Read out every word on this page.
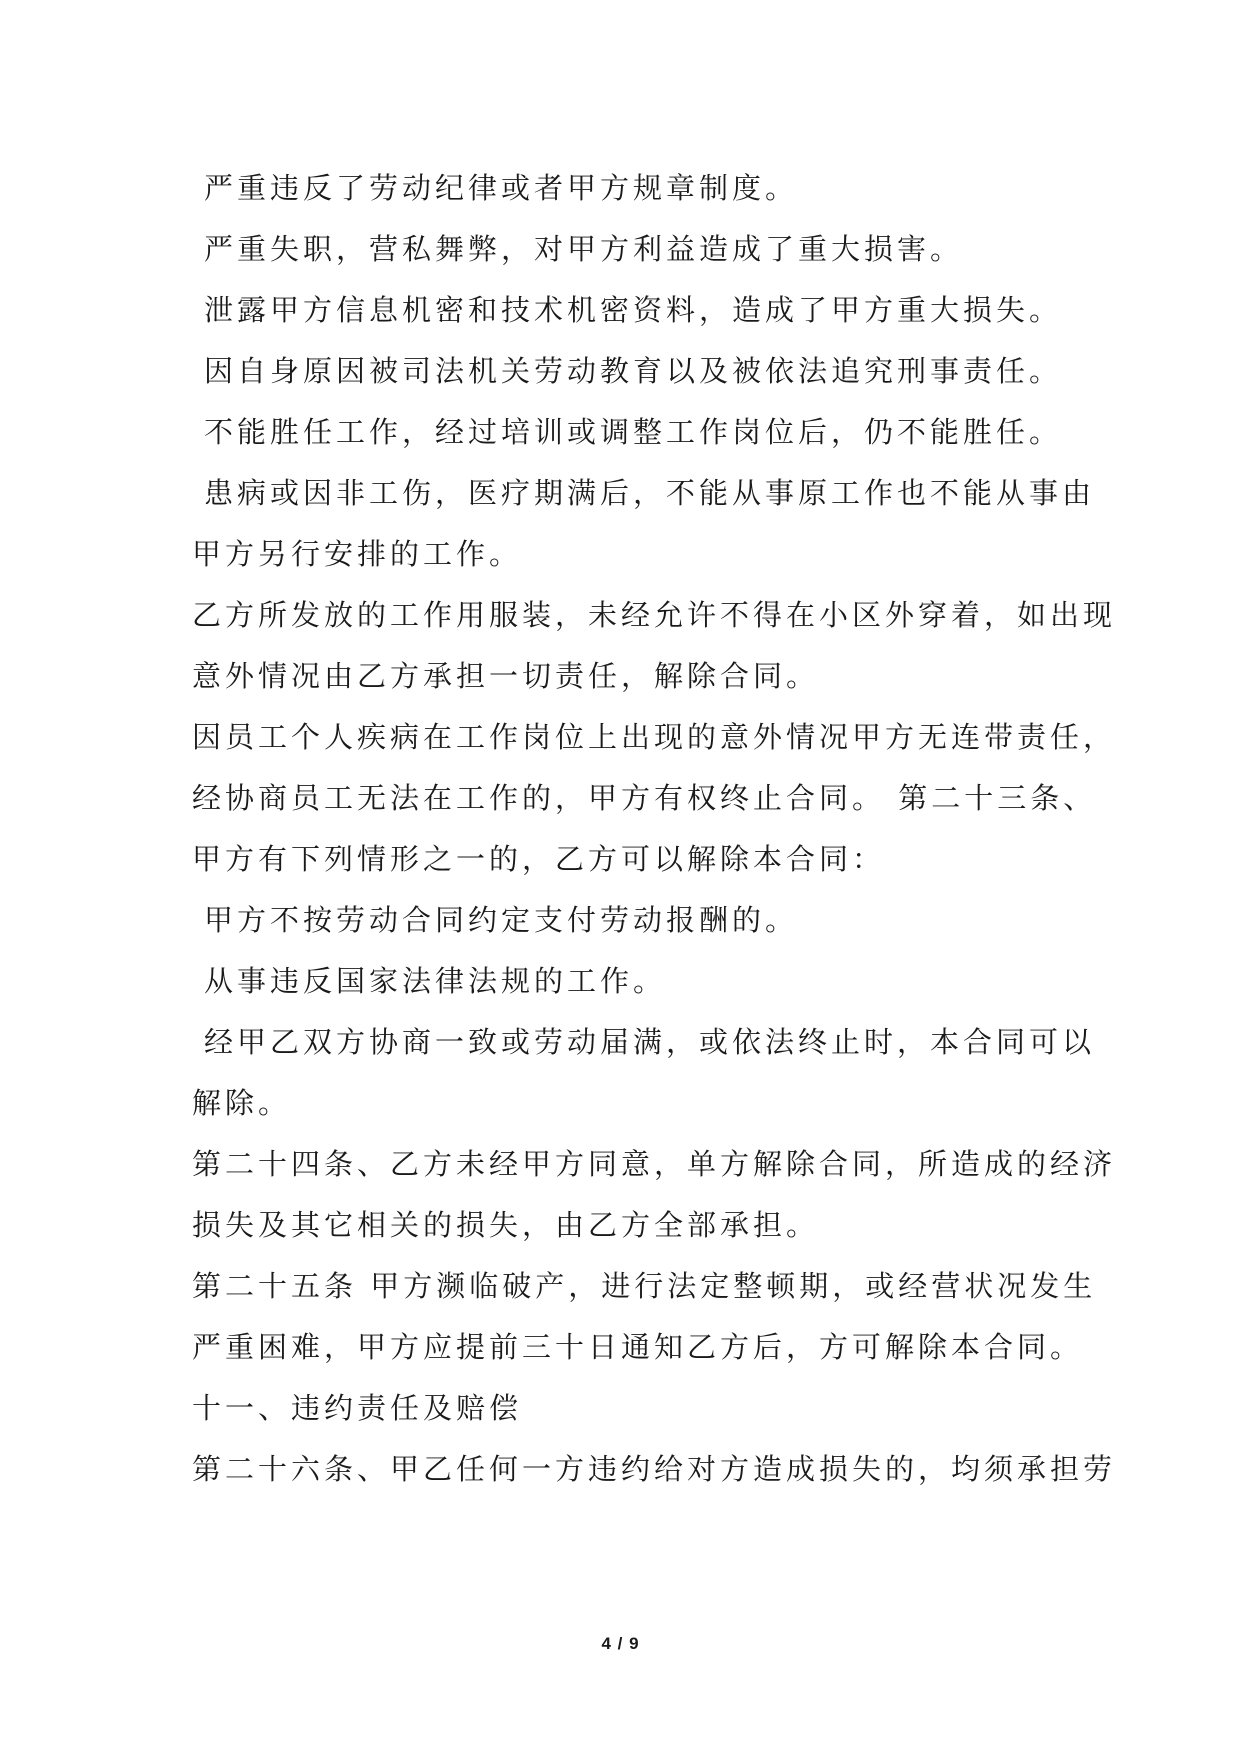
严重违反了劳动纪律或者甲方规章制度。
严重失职，营私舞弊，对甲方利益造成了重大损害。
泄露甲方信息机密和技术机密资料，造成了甲方重大损失。
因自身原因被司法机关劳动教育以及被依法追究刑事责任。
不能胜任工作，经过培训或调整工作岗位后，仍不能胜任。
患病或因非工伤，医疗期满后，不能从事原工作也不能从事由
甲方另行安排的工作。
乙方所发放的工作用服装，未经允许不得在小区外穿着，如出现
意外情况由乙方承担一切责任，解除合同。
因员工个人疾病在工作岗位上出现的意外情况甲方无连带责任，
经协商员工无法在工作的，甲方有权终止合同。 第二十三条、
甲方有下列情形之一的，乙方可以解除本合同：
甲方不按劳动合同约定支付劳动报酬的。
从事违反国家法律法规的工作。
经甲乙双方协商一致或劳动届满，或依法终止时，本合同可以
解除。
第二十四条、乙方未经甲方同意，单方解除合同，所造成的经济
损失及其它相关的损失，由乙方全部承担。
第二十五条 甲方濒临破产，进行法定整顿期，或经营状况发生
严重困难，甲方应提前三十日通知乙方后，方可解除本合同。
十一、违约责任及赔偿
第二十六条、甲乙任何一方违约给对方造成损失的，均须承担劳
4 / 9
